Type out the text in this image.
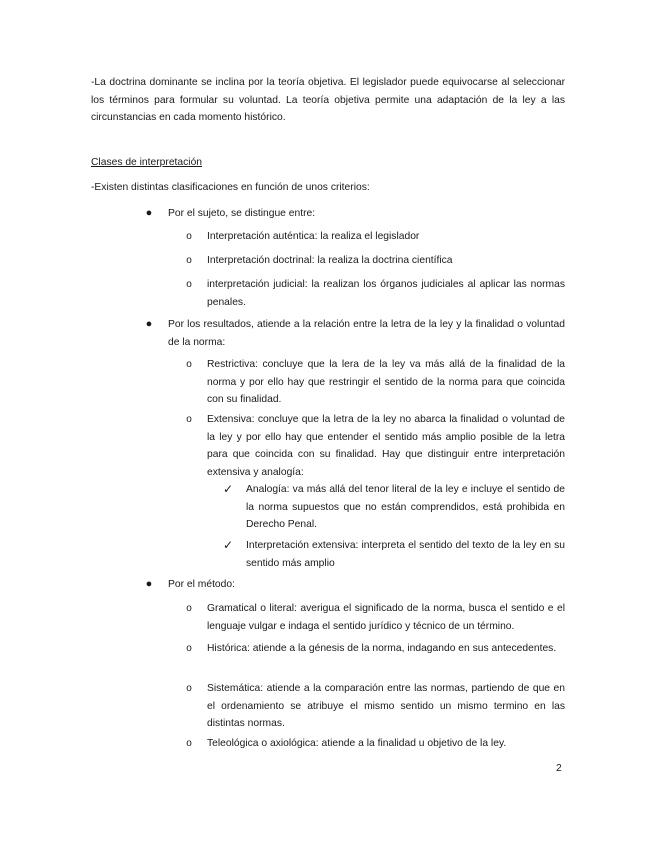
-La doctrina dominante se inclina por la teoría objetiva. El legislador puede equivocarse al seleccionar los términos para formular su voluntad. La teoría objetiva permite una adaptación de la ley a las circunstancias en cada momento histórico.

Clases de interpretación

-Existen distintas clasificaciones en función de unos criterios:

● Por el sujeto, se distingue entre:

o	Interpretación auténtica: la realiza el legislador

o	Interpretación doctrinal: la realiza la doctrina científica

o	interpretación judicial: la realizan los órganos judiciales al aplicar las normas penales.

● Por los resultados, atiende a la relación entre la letra de la ley y la finalidad o voluntad de la norma:

o	Restrictiva: concluye que la lera de la ley va más allá de la finalidad de la norma y por ello hay que restringir el sentido de la norma para que coincida con su finalidad.

o	Extensiva: concluye que la letra de la ley no abarca la finalidad o voluntad de la ley y por ello hay que entender el sentido más amplio posible de la letra para que coincida con su finalidad. Hay que distinguir entre interpretación extensiva y analogía:

✓ Analogía: va más allá del tenor literal de la ley e incluye el sentido de la norma supuestos que no están comprendidos, está prohibida en Derecho Penal.

✓ Interpretación extensiva: interpreta el sentido del texto de la ley en su sentido más amplio

● Por el método:

o	Gramatical o literal: averigua el significado de la norma, busca el sentido e el lenguaje vulgar e indaga el sentido jurídico y técnico de un término.

o	Histórica: atiende a la génesis de la norma, indagando en sus antecedentes.

o	Sistemática: atiende a la comparación entre las normas, partiendo de que en el ordenamiento se atribuye el mismo sentido un mismo termino en las distintas normas.

o	Teleológica o axiológica: atiende a la finalidad u objetivo de la ley.

2
